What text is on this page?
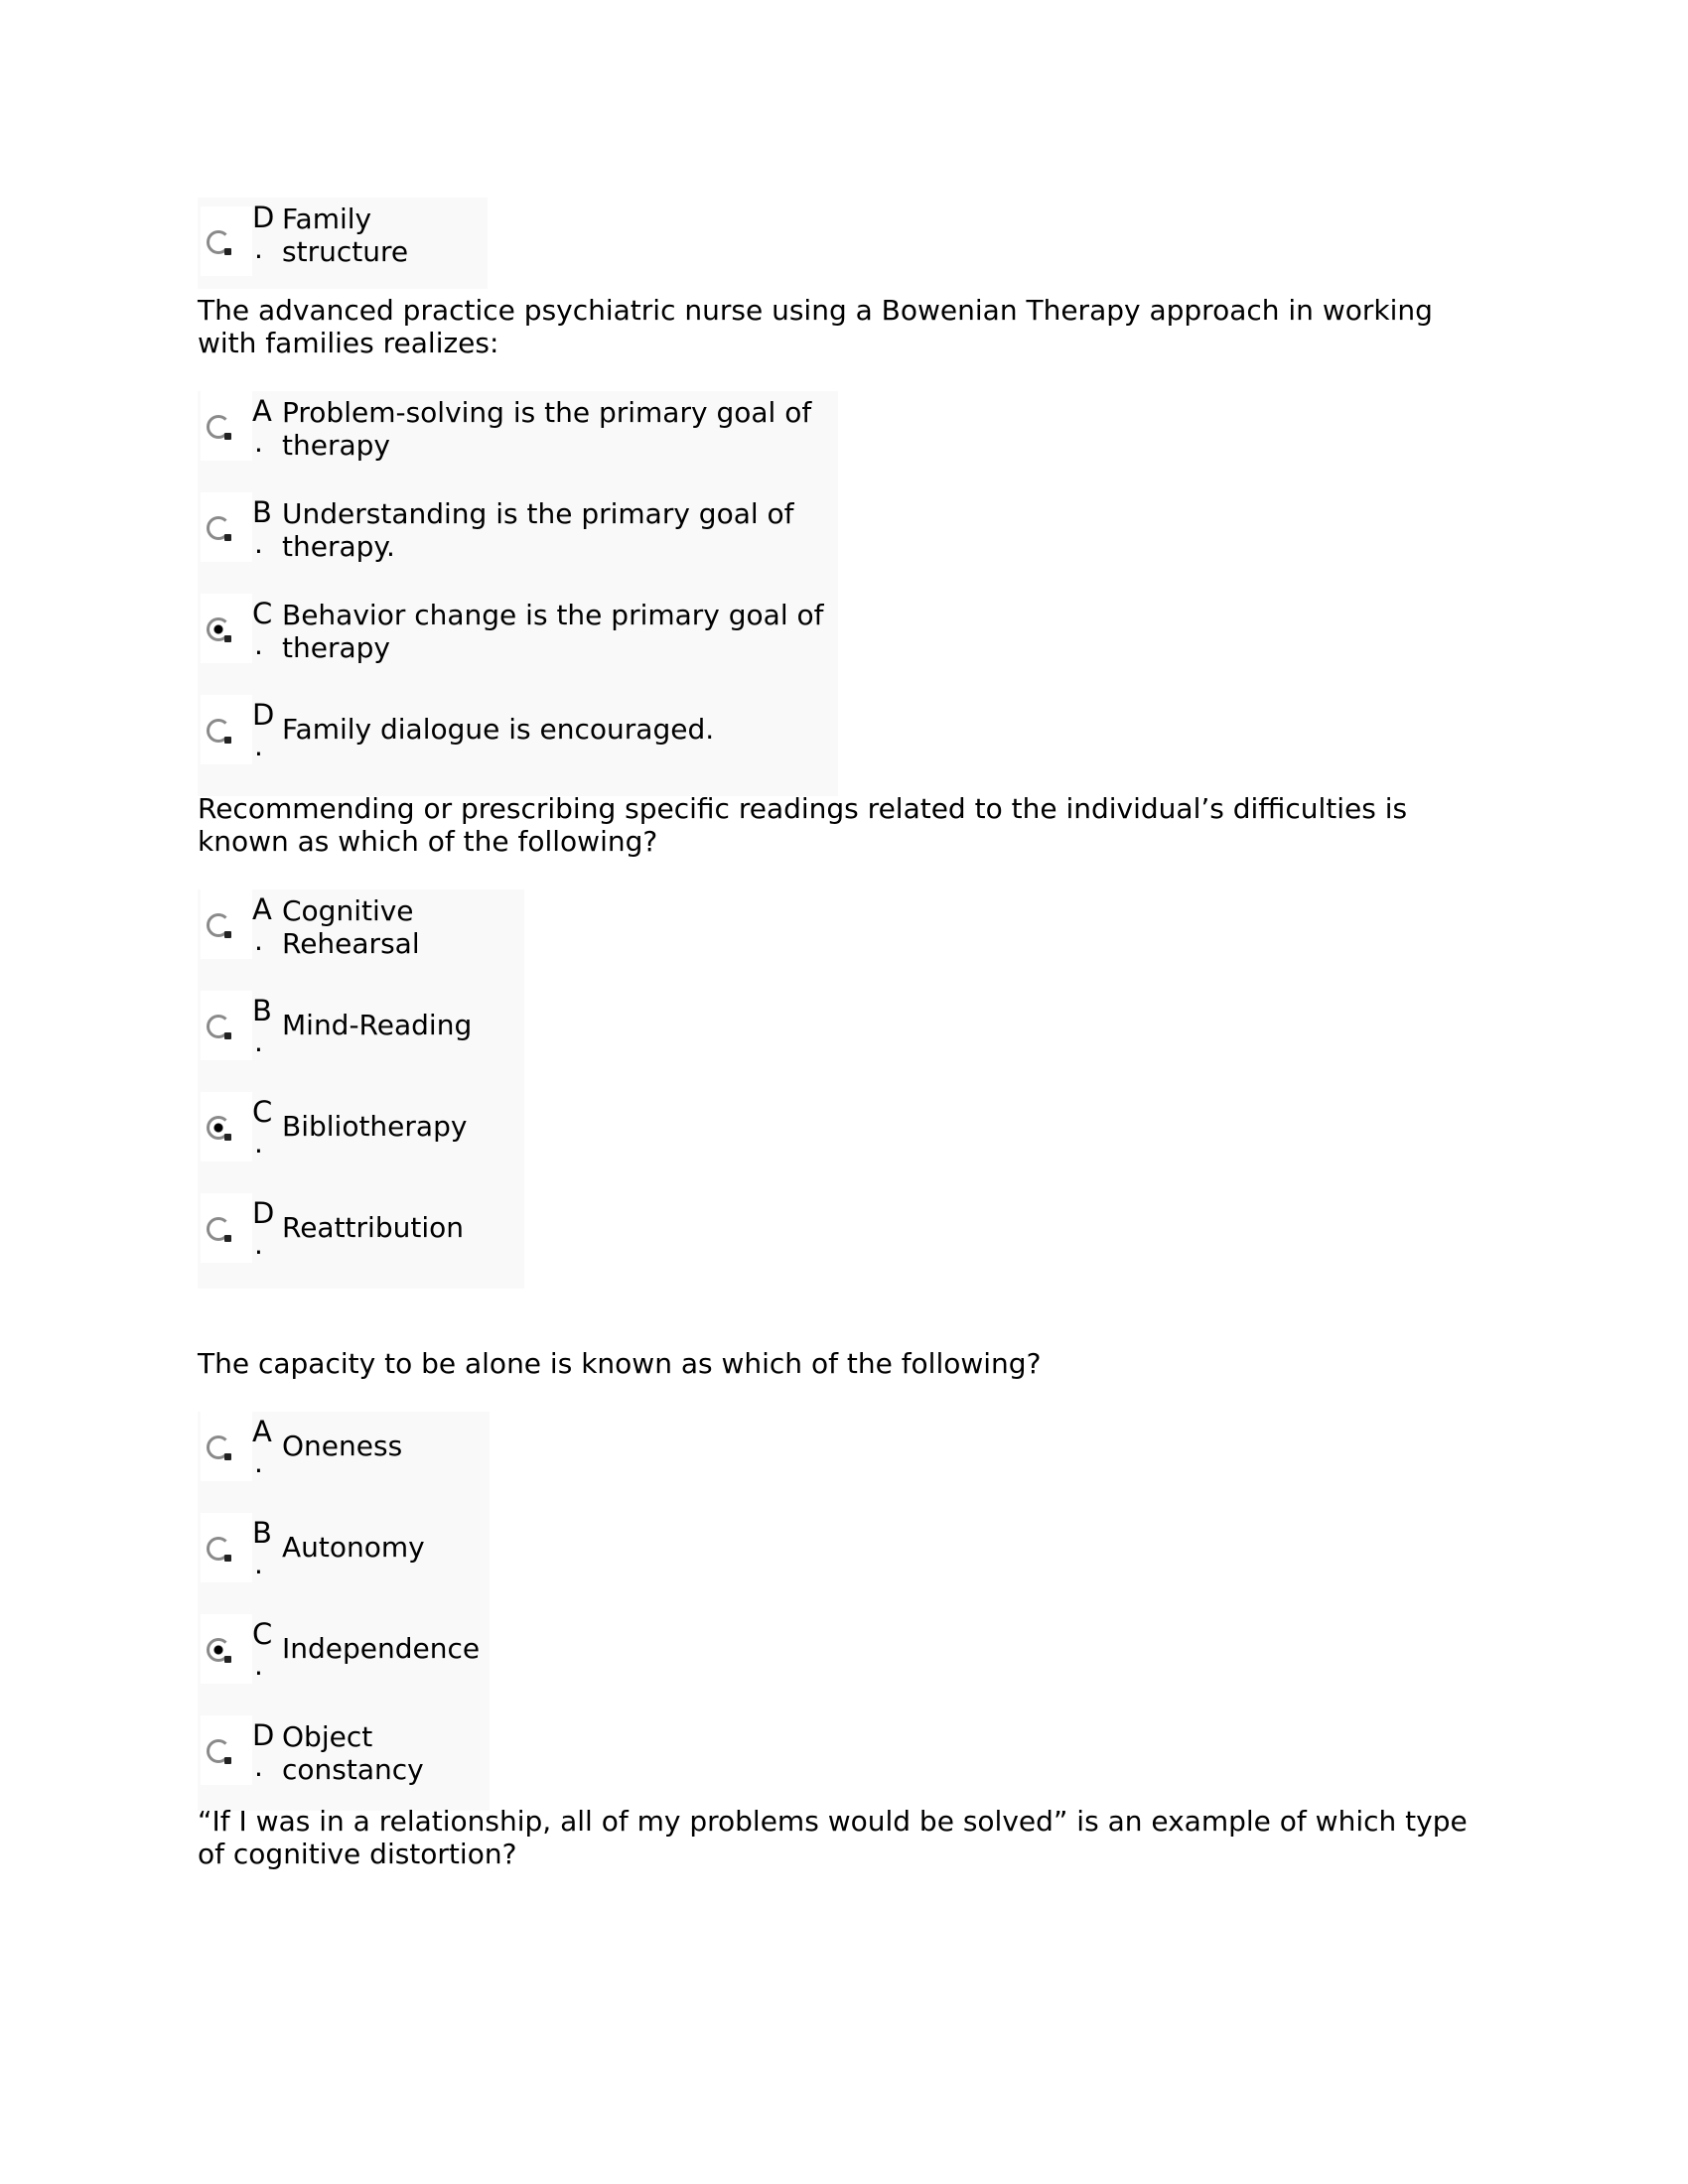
D
.
Family
structure

The advanced practice psychiatric nurse using a Bowenian Therapy approach in working with families realizes:

A
.
Problem-solving is the primary goal of therapy
B
.
Understanding is the primary goal of therapy.
C
.
Behavior change is the primary goal of therapy
D
.
Family dialogue is encouraged.

Recommending or prescribing specific readings related to the individual’s difficulties is known as which of the following?

A
.
Cognitive Rehearsal
B
.
Mind-Reading
C
.
Bibliotherapy
D
.
Reattribution

The capacity to be alone is known as which of the following?

A
.
Oneness
B
.
Autonomy
C
.
Independence
D
.
Object constancy

“If I was in a relationship, all of my problems would be solved” is an example of which type of cognitive distortion?
